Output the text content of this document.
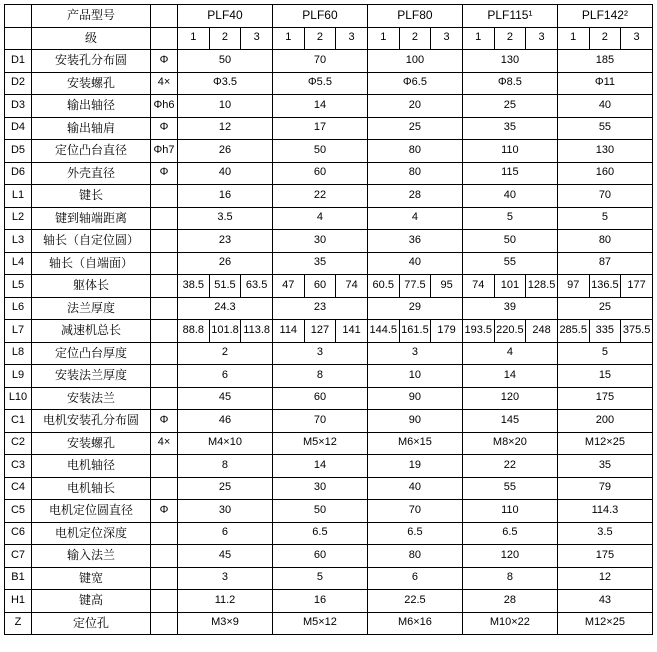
	产品型号		PLF40			PLF60			PLF80			PLF115¹			PLF142²		
	级		1	2	3	1	2	3	1	2	3	1	2	3	1	2	3
D1	安装孔分布圆	Φ	50			70			100			130			185		
D2	安装螺孔	4×	Φ3.5			Φ5.5			Φ6.5			Φ8.5			Φ11		
D3	输出轴径	Φh6	10			14			20			25			40		
D4	输出轴肩	Φ	12			17			25			35			55		
D5	定位凸台直径	Φh7	26			50			80			110			130		
D6	外壳直径	Φ	40			60			80			115			160		
L1	键长		16			22			28			40			70		
L2	键到轴端距离		3.5			4			4			5			5		
L3	轴长（自定位圆）		23			30			36			50			80		
L4	轴长（自端面）		26			35			40			55			87		
L5	躯体长		38.5	51.5	63.5	47	60	74	60.5	77.5	95	74	101	128.5	97	136.5	177
L6	法兰厚度		24.3			23			29			39			25		
L7	减速机总长		88.8	101.8	113.8	114	127	141	144.5	161.5	179	193.5	220.5	248	285.5	335	375.5
L8	定位凸台厚度		2			3			3			4			5		
L9	安装法兰厚度		6			8			10			14			15		
L10	安装法兰		45			60			90			120			175		
C1	电机安装孔分布圆	Φ	46			70			90			145			200		
C2	安装螺孔	4×	M4×10			M5×12			M6×15			M8×20			M12×25		
C3	电机轴径		8			14			19			22			35		
C4	电机轴长		25			30			40			55			79		
C5	电机定位圆直径	Φ	30			50			70			110			114.3		
C6	电机定位深度		6			6.5			6.5			6.5			3.5		
C7	输入法兰		45			60			80			120			175		
B1	键宽		3			5			6			8			12		
H1	键高		11.2			16			22.5			28			43		
Z	定位孔		M3×9			M5×12			M6×16			M10×22			M12×25		
